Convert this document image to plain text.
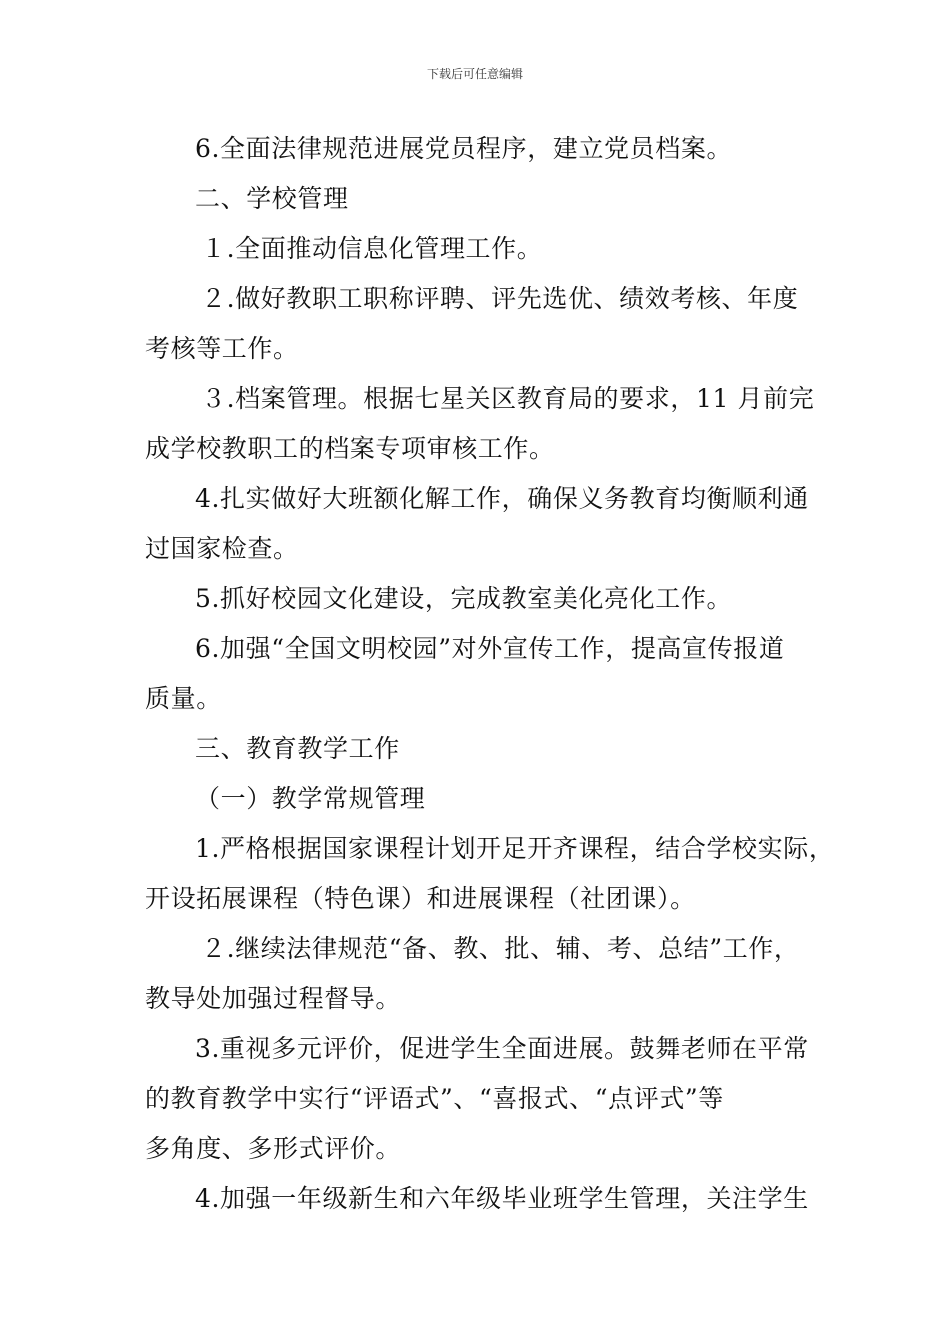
下载后可任意编辑
6.全面法律规范进展党员程序，建立党员档案。
二、学校管理
１.全面推动信息化管理工作。
２.做好教职工职称评聘、评先选优、绩效考核、年度
考核等工作。
３.档案管理。根据七星关区教育局的要求，11 月前完
成学校教职工的档案专项审核工作。
4.扎实做好大班额化解工作，确保义务教育均衡顺利通
过国家检查。
5.抓好校园文化建设，完成教室美化亮化工作。
6.加强“全国文明校园”对外宣传工作，提高宣传报道
质量。
三、教育教学工作
（一）教学常规管理
1.严格根据国家课程计划开足开齐课程，结合学校实际，
开设拓展课程（特色课）和进展课程（社团课）。
２.继续法律规范“备、教、批、辅、考、总结”工作，
教导处加强过程督导。
3.重视多元评价，促进学生全面进展。鼓舞老师在平常
的教育教学中实行“评语式”、“喜报式、“点评式”等
多角度、多形式评价。
4.加强一年级新生和六年级毕业班学生管理，关注学生
